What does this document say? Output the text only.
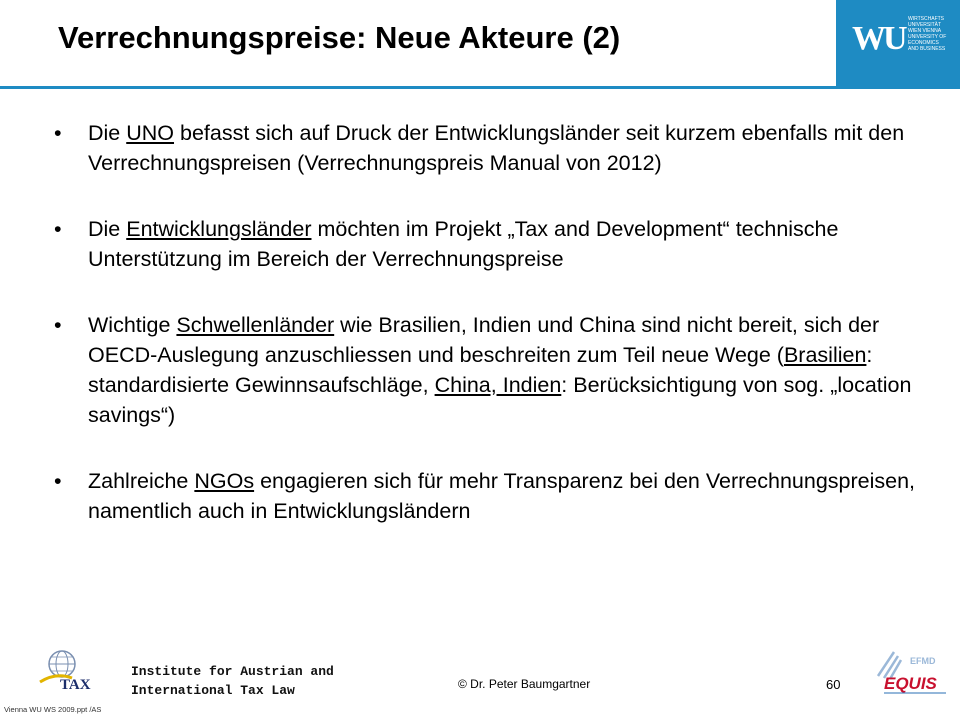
Verrechnungspreise: Neue Akteure (2)	WU
WIRTSCHAFTS
UNIVERSITÄT
WIEN VIENNA
UNIVERSITY OF
ECONOMICS
AND BUSINESS
• Die UNO befasst sich auf Druck der Entwicklungsländer seit kurzem ebenfalls mit den Verrechnungspreisen (Verrechnungspreis Manual von 2012)
• Die Entwicklungsländer möchten im Projekt „Tax and Development“ technische Unterstützung im Bereich der Verrechnungspreise
• Wichtige Schwellenländer wie Brasilien, Indien und China sind nicht bereit, sich der OECD-Auslegung anzuschliessen und beschreiten zum Teil neue Wege (Brasilien: standardisierte Gewinnsaufschläge, China, Indien: Berücksichtigung von sog. „location savings“)
• Zahlreiche NGOs engagieren sich für mehr Transparenz bei den Verrechnungspreisen, namentlich auch in Entwicklungsländern
TAX
Institute for Austrian and
International Tax Law	© Dr. Peter Baumgartner	60
Vienna WU WS 2009.ppt /AS
EFMD
EQUIS
